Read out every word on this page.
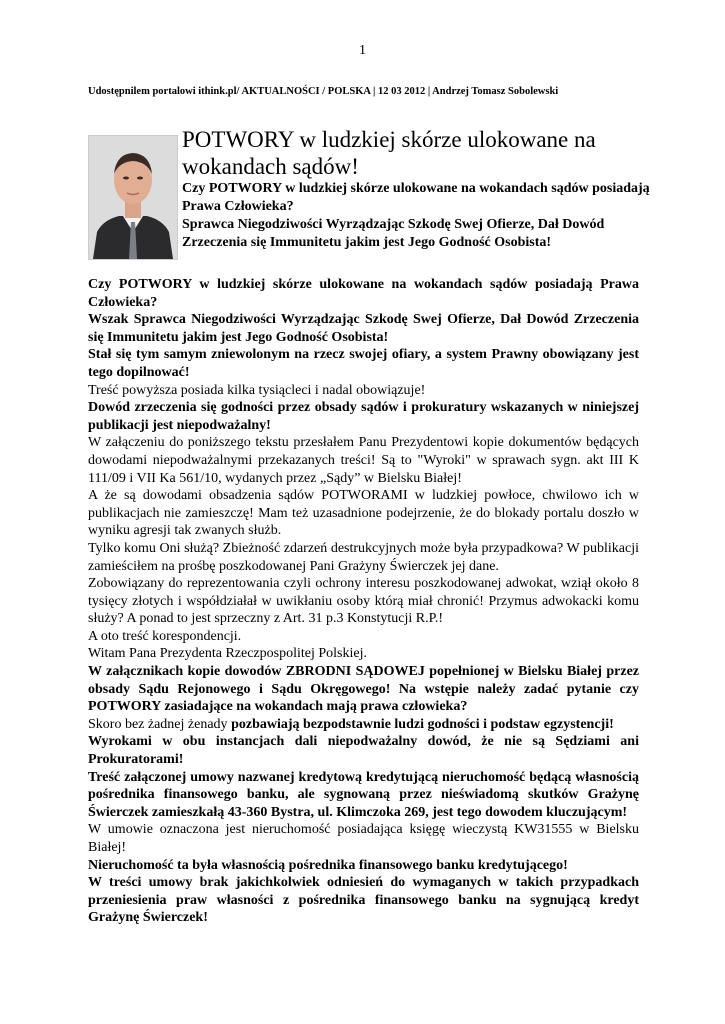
1
Udostępnilem portalowi ithink.pl/ AKTUALNOŚCI / POLSKA | 12 03 2012 | Andrzej Tomasz Sobolewski
POTWORY w ludzkiej skórze ulokowane na wokandach sądów!

Czy POTWORY w ludzkiej skórze ulokowane na wokandach sądów posiadają Prawa Człowieka?

Sprawca Niegodziwości Wyrządzając Szkodę Swej Ofierze, Dał Dowód Zrzeczenia się Immunitetu jakim jest Jego Godność Osobista!

Czy POTWORY w ludzkiej skórze ulokowane na wokandach sądów posiadają Prawa Człowieka?

Wszak Sprawca Niegodziwości Wyrządzając Szkodę Swej Ofierze, Dał Dowód Zrzeczenia się Immunitetu jakim jest Jego Godność Osobista!

Stał się tym samym zniewolonym na rzecz swojej ofiary, a system Prawny obowiązany jest tego dopilnować!

Treść powyższa posiada kilka tysiącleci i nadal obowiązuje!

Dowód zrzeczenia się godności przez obsady sądów i prokuratury wskazanych w niniejszej publikacji jest niepodważalny!

W załączeniu do poniższego tekstu przesłałem Panu Prezydentowi kopie dokumentów będących dowodami niepodważalnymi przekazanych treści! Są to "Wyroki" w sprawach sygn. akt III K 111/09 i VII Ka 561/10, wydanych przez „Sądy” w Bielsku Białej!

A że są dowodami obsadzenia sądów POTWORAMI w ludzkiej powłoce, chwilowo ich w publikacjach nie zamieszczę! Mam też uzasadnione podejrzenie, że do blokady portalu doszło w wyniku agresji tak zwanych służb.

Tylko komu Oni służą? Zbieżność zdarzeń destrukcyjnych może była przypadkowa? W publikacji zamieściłem na prośbę poszkodowanej Pani Grażyny Świerczek jej dane.

Zobowiązany do reprezentowania czyli ochrony interesu poszkodowanej adwokat, wziął około 8 tysięcy złotych i współdziałał w uwikłaniu osoby którą miał chronić! Przymus adwokacki komu służy? A ponad to jest sprzeczny z Art. 31 p.3 Konstytucji R.P.!

A oto treść korespondencji.

Witam Pana Prezydenta Rzeczpospolitej Polskiej.

W załącznikach kopie dowodów ZBRODNI SĄDOWEJ popełnionej w Bielsku Białej przez obsady Sądu Rejonowego i Sądu Okręgowego! Na wstępie należy zadać pytanie czy POTWORY zasiadające na wokandach mają prawa człowieka?

Skoro bez żadnej żenady pozbawiają bezpodstawnie ludzi godności i podstaw egzystencji!

Wyrokami w obu instancjach dali niepodważalny dowód, że nie są Sędziami ani Prokuratorami!

Treść załączonej umowy nazwanej kredytową kredytującą nieruchomość będącą własnością pośrednika finansowego banku, ale sygnowaną przez nieświadomą skutków Grażynę Świerczek zamieszkałą 43-360 Bystra, ul. Klimczoka 269, jest tego dowodem kluczującym!

W umowie oznaczona jest nieruchomość posiadająca księgę wieczystą KW31555 w Bielsku Białej!

Nieruchomość ta była własnością pośrednika finansowego banku kredytującego!

W treści umowy brak jakichkolwiek odniesień do wymaganych w takich przypadkach przeniesienia praw własności z pośrednika finansowego banku na sygnującą kredyt Grażynę Świerczek!
